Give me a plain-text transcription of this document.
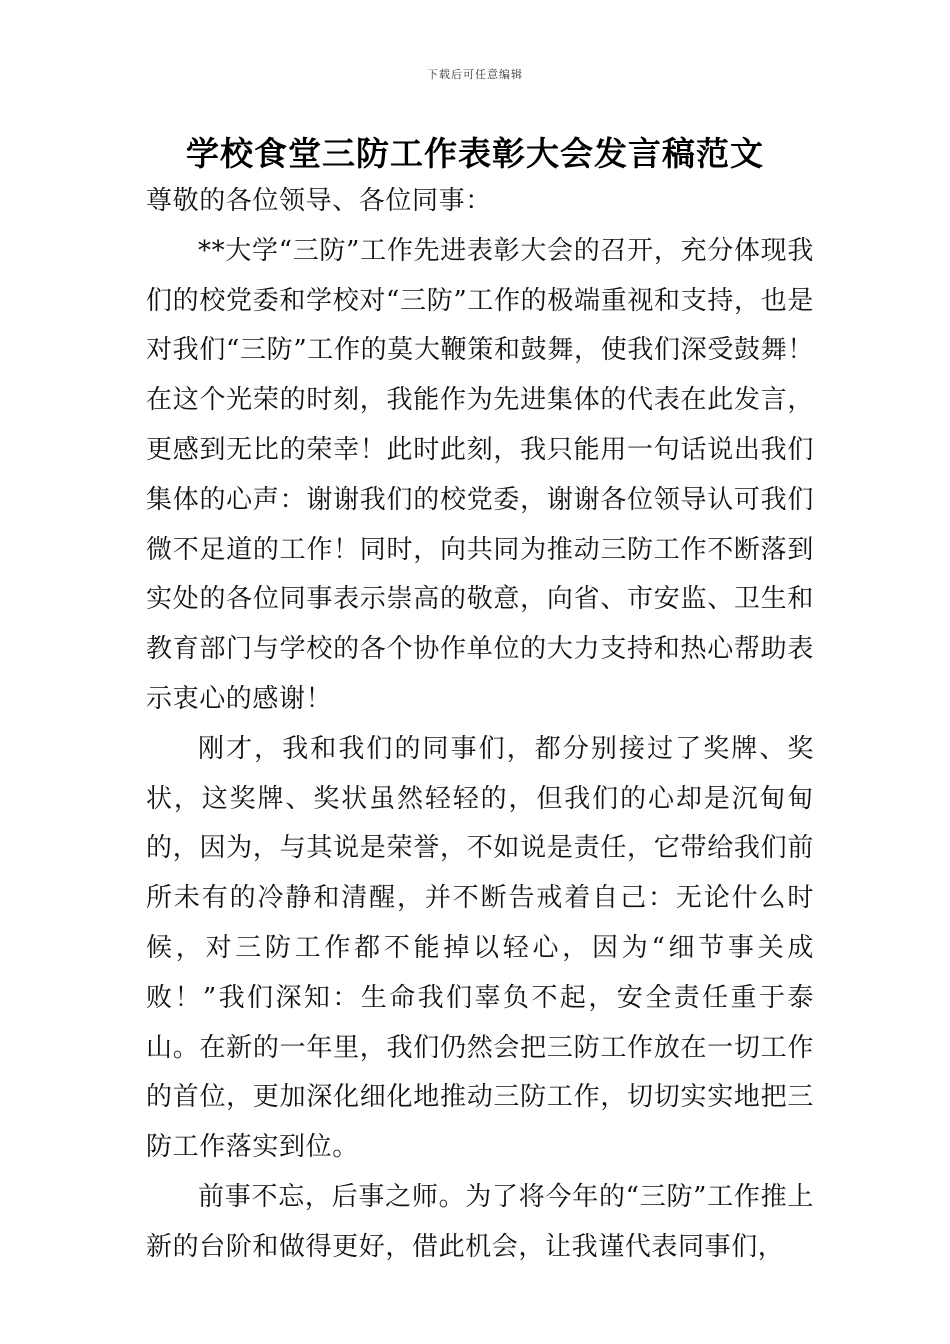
下载后可任意编辑
学校食堂三防工作表彰大会发言稿范文

尊敬的各位领导、各位同事：

**大学“三防”工作先进表彰大会的召开，充分体现我们的校党委和学校对“三防”工作的极端重视和支持，也是对我们“三防”工作的莫大鞭策和鼓舞，使我们深受鼓舞！在这个光荣的时刻，我能作为先进集体的代表在此发言，更感到无比的荣幸！此时此刻，我只能用一句话说出我们集体的心声：谢谢我们的校党委，谢谢各位领导认可我们微不足道的工作！同时，向共同为推动三防工作不断落到实处的各位同事表示崇高的敬意，向省、市安监、卫生和教育部门与学校的各个协作单位的大力支持和热心帮助表示衷心的感谢！

刚才，我和我们的同事们，都分别接过了奖牌、奖状，这奖牌、奖状虽然轻轻的，但我们的心却是沉甸甸的，因为，与其说是荣誉，不如说是责任，它带给我们前所未有的冷静和清醒，并不断告戒着自己：无论什么时候，对三防工作都不能掉以轻心，因为“细节事关成败！”我们深知：生命我们辜负不起，安全责任重于泰山。在新的一年里，我们仍然会把三防工作放在一切工作的首位，更加深化细化地推动三防工作，切切实实地把三防工作落实到位。

前事不忘，后事之师。为了将今年的“三防”工作推上新的台阶和做得更好，借此机会，让我谨代表同事们，
